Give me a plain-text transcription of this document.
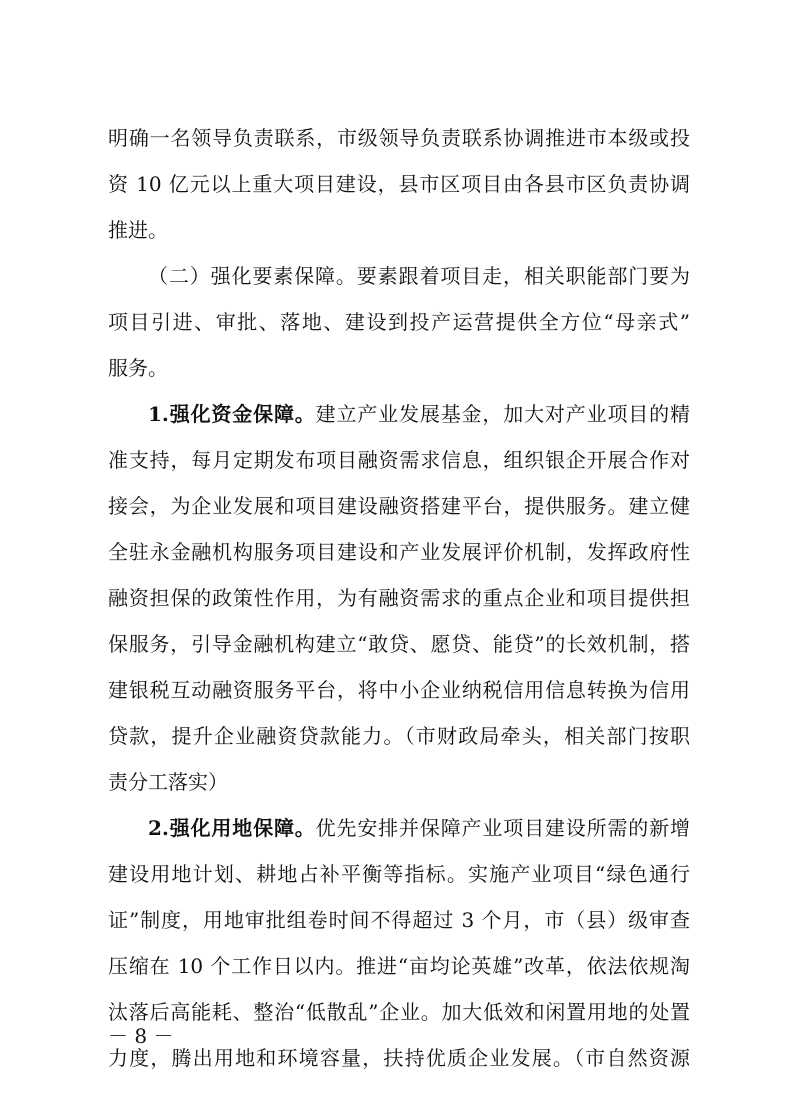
明确一名领导负责联系，市级领导负责联系协调推进市本级或投
资 10 亿元以上重大项目建设，县市区项目由各县市区负责协调
推进。
（二）强化要素保障。要素跟着项目走，相关职能部门要为
项目引进、审批、落地、建设到投产运营提供全方位“母亲式”
服务。
1.强化资金保障。建立产业发展基金，加大对产业项目的精
准支持，每月定期发布项目融资需求信息，组织银企开展合作对
接会，为企业发展和项目建设融资搭建平台，提供服务。建立健
全驻永金融机构服务项目建设和产业发展评价机制，发挥政府性
融资担保的政策性作用，为有融资需求的重点企业和项目提供担
保服务，引导金融机构建立“敢贷、愿贷、能贷”的长效机制，搭
建银税互动融资服务平台，将中小企业纳税信用信息转换为信用
贷款，提升企业融资贷款能力。（市财政局牵头，相关部门按职
责分工落实）
2.强化用地保障。优先安排并保障产业项目建设所需的新增
建设用地计划、耕地占补平衡等指标。实施产业项目“绿色通行
证”制度，用地审批组卷时间不得超过 3 个月，市（县）级审查
压缩在 10 个工作日以内。推进“亩均论英雄”改革，依法依规淘
汰落后高能耗、整治“低散乱”企业。加大低效和闲置用地的处置
力度，腾出用地和环境容量，扶持优质企业发展。（市自然资源
－ 8 －
